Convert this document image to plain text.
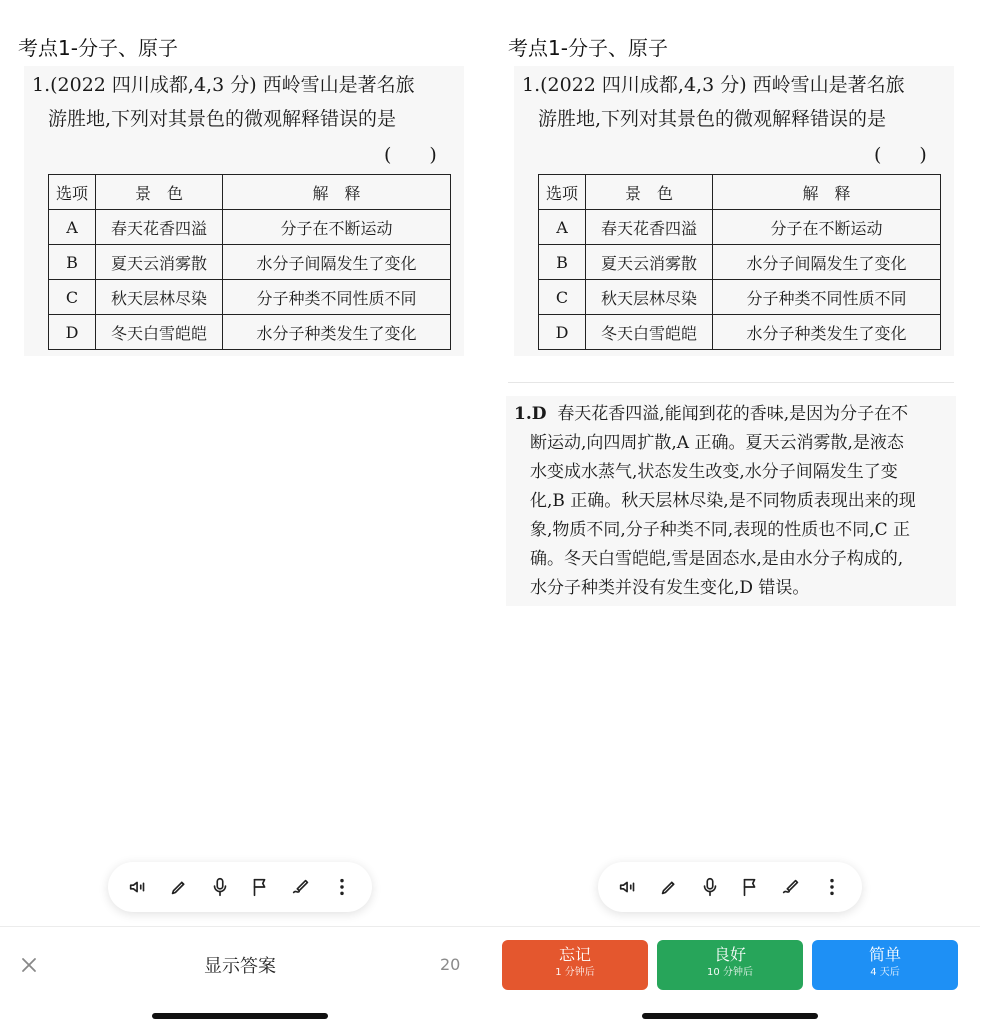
考点1-分子、原子
1.(2022 四川成都,4,3 分) 西岭雪山是著名旅
游胜地,下列对其景色的微观解释错误的是
(　　)
选项	景　色	解　释
A	春天花香四溢	分子在不断运动
B	夏天云消雾散	水分子间隔发生了变化
C	秋天层林尽染	分子种类不同性质不同
D	冬天白雪皑皑	水分子种类发生了变化
显示答案	20
考点1-分子、原子
1.(2022 四川成都,4,3 分) 西岭雪山是著名旅
游胜地,下列对其景色的微观解释错误的是
(　　)
选项	景　色	解　释
A	春天花香四溢	分子在不断运动
B	夏天云消雾散	水分子间隔发生了变化
C	秋天层林尽染	分子种类不同性质不同
D	冬天白雪皑皑	水分子种类发生了变化
1.D 春天花香四溢,能闻到花的香味,是因为分子在不
断运动,向四周扩散,A 正确。夏天云消雾散,是液态
水变成水蒸气,状态发生改变,水分子间隔发生了变
化,B 正确。秋天层林尽染,是不同物质表现出来的现
象,物质不同,分子种类不同,表现的性质也不同,C 正
确。冬天白雪皑皑,雪是固态水,是由水分子构成的,
水分子种类并没有发生变化,D 错误。
忘记
1 分钟后
良好
10 分钟后
简单
4 天后
